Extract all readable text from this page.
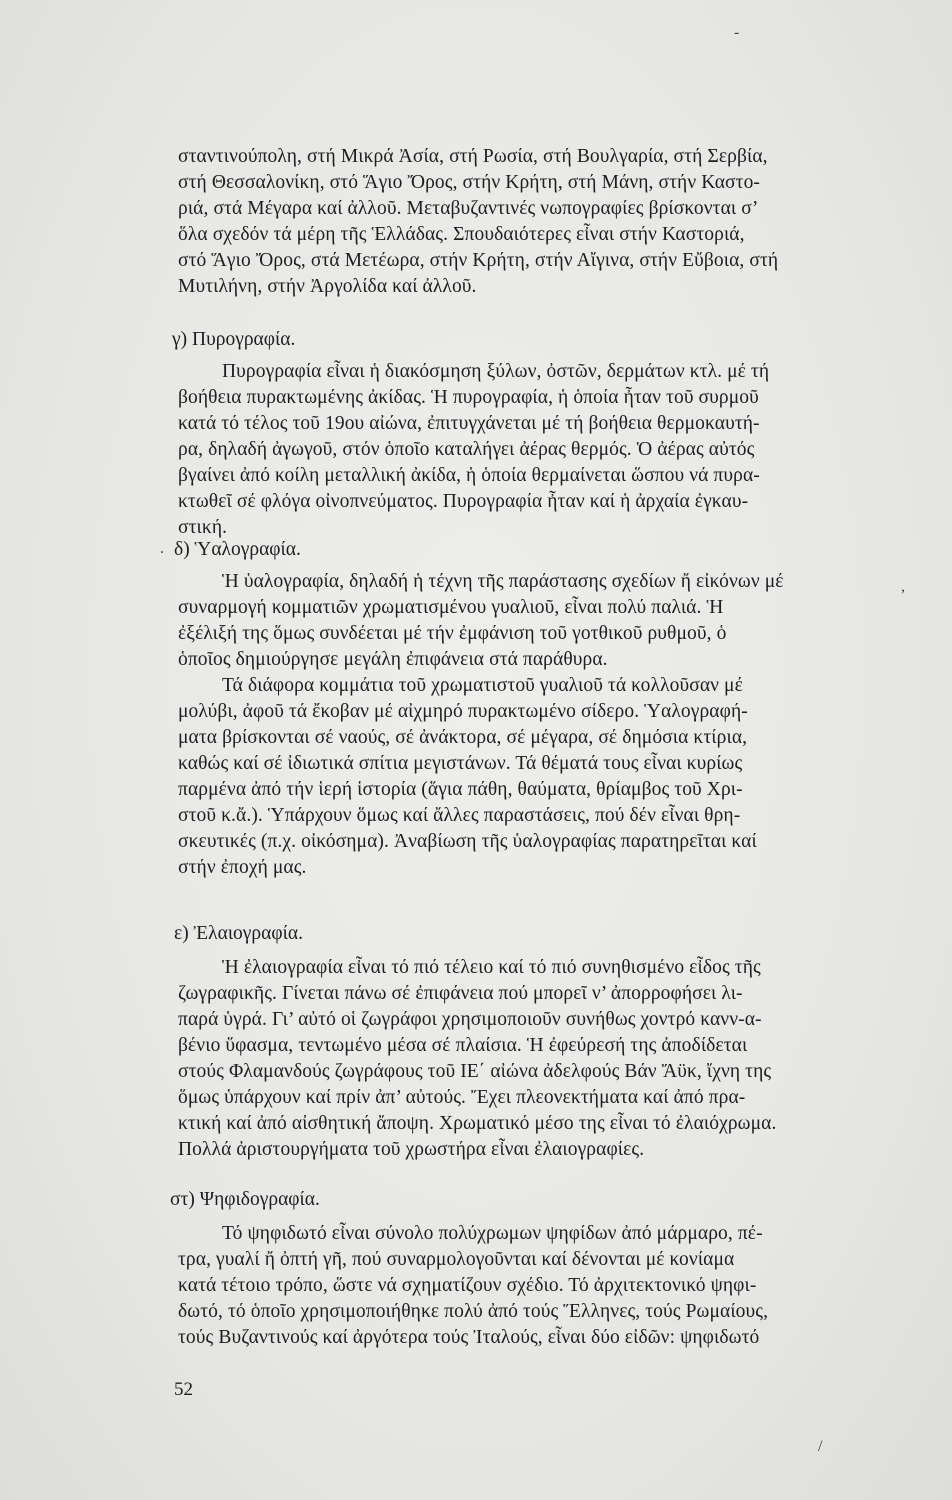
-
σταντινούπολη, στή Μικρά Ἀσία, στή Ρωσία, στή Βουλγαρία, στή Σερβία,
στή Θεσσαλονίκη, στό Ἅγιο Ὄρος, στήν Κρήτη, στή Μάνη, στήν Καστο-
ριά, στά Μέγαρα καί ἀλλοῦ. Μεταβυζαντινές νωπογραφίες βρίσκονται σ’
ὅλα σχεδόν τά μέρη τῆς Ἑλλάδας. Σπουδαιότερες εἶναι στήν Καστοριά,
στό Ἅγιο Ὄρος, στά Μετέωρα, στήν Κρήτη, στήν Αἴγινα, στήν Εὔβοια, στή
Μυτιλήνη, στήν Ἀργολίδα καί ἀλλοῦ.
γ) Πυρογραφία.
Πυρογραφία εἶναι ἡ διακόσμηση ξύλων, ὀστῶν, δερμάτων κτλ. μέ τή
βοήθεια πυρακτωμένης ἀκίδας. Ἡ πυρογραφία, ἡ ὁποία ἦταν τοῦ συρμοῦ
κατά τό τέλος τοῦ 19ου αἰώνα, ἐπιτυγχάνεται μέ τή βοήθεια θερμοκαυτή-
ρα, δηλαδή ἀγωγοῦ, στόν ὁποῖο καταλήγει ἀέρας θερμός. Ὁ ἀέρας αὐτός
βγαίνει ἀπό κοίλη μεταλλική ἀκίδα, ἡ ὁποία θερμαίνεται ὥσπου νά πυρα-
κτωθεῖ σέ φλόγα οἰνοπνεύματος. Πυρογραφία ἦταν καί ἡ ἀρχαία ἐγκαυ-
στική.
δ) Ὑαλογραφία.
Ἡ ὑαλογραφία, δηλαδή ἡ τέχνη τῆς παράστασης σχεδίων ἤ εἰκόνων μέ
συναρμογή κομματιῶν χρωματισμένου γυαλιοῦ, εἶναι πολύ παλιά. Ἡ
ἐξέλιξή της ὅμως συνδέεται μέ τήν ἐμφάνιση τοῦ γοτθικοῦ ρυθμοῦ, ὁ
ὁποῖος δημιούργησε μεγάλη ἐπιφάνεια στά παράθυρα.
Τά διάφορα κομμάτια τοῦ χρωματιστοῦ γυαλιοῦ τά κολλοῦσαν μέ
μολύβι, ἀφοῦ τά ἔκοβαν μέ αἰχμηρό πυρακτωμένο σίδερο. Ὑαλογραφή-
ματα βρίσκονται σέ ναούς, σέ ἀνάκτορα, σέ μέγαρα, σέ δημόσια κτίρια,
καθώς καί σέ ἰδιωτικά σπίτια μεγιστάνων. Τά θέματά τους εἶναι κυρίως
παρμένα ἀπό τήν ἱερή ἱστορία (ἅγια πάθη, θαύματα, θρίαμβος τοῦ Χρι-
στοῦ κ.ἄ.). Ὑπάρχουν ὅμως καί ἄλλες παραστάσεις, πού δέν εἶναι θρη-
σκευτικές (π.χ. οἰκόσημα). Ἀναβίωση τῆς ὑαλογραφίας παρατηρεῖται καί
στήν ἐποχή μας.
ε) Ἐλαιογραφία.
Ἡ ἐλαιογραφία εἶναι τό πιό τέλειο καί τό πιό συνηθισμένο εἶδος τῆς
ζωγραφικῆς. Γίνεται πάνω σέ ἐπιφάνεια πού μπορεῖ ν’ ἀπορροφήσει λι-
παρά ὑγρά. Γι’ αὐτό οἱ ζωγράφοι χρησιμοποιοῦν συνήθως χοντρό κανν-α-
βένιο ὕφασμα, τεντωμένο μέσα σέ πλαίσια. Ἡ ἐφεύρεσή της ἀποδίδεται
στούς Φλαμανδούς ζωγράφους τοῦ ΙΕ΄ αἰώνα ἀδελφούς Βάν Ἄϋκ, ἴχνη της
ὅμως ὑπάρχουν καί πρίν ἀπ’ αὐτούς. Ἔχει πλεονεκτήματα καί ἀπό πρα-
κτική καί ἀπό αἰσθητική ἄποψη. Χρωματικό μέσο της εἶναι τό ἐλαιόχρωμα.
Πολλά ἀριστουργήματα τοῦ χρωστήρα εἶναι ἐλαιογραφίες.
στ) Ψηφιδογραφία.
Τό ψηφιδωτό εἶναι σύνολο πολύχρωμων ψηφίδων ἀπό μάρμαρο, πέ-
τρα, γυαλί ἤ ὀπτή γῆ, πού συναρμολογοῦνται καί δένονται μέ κονίαμα
κατά τέτοιο τρόπο, ὥστε νά σχηματίζουν σχέδιο. Τό ἀρχιτεκτονικό ψηφι-
δωτό, τό ὁποῖο χρησιμοποιήθηκε πολύ ἀπό τούς Ἕλληνες, τούς Ρωμαίους,
τούς Βυζαντινούς καί ἀργότερα τούς Ἰταλούς, εἶναι δύο εἰδῶν: ψηφιδωτό
52
.
,
/
